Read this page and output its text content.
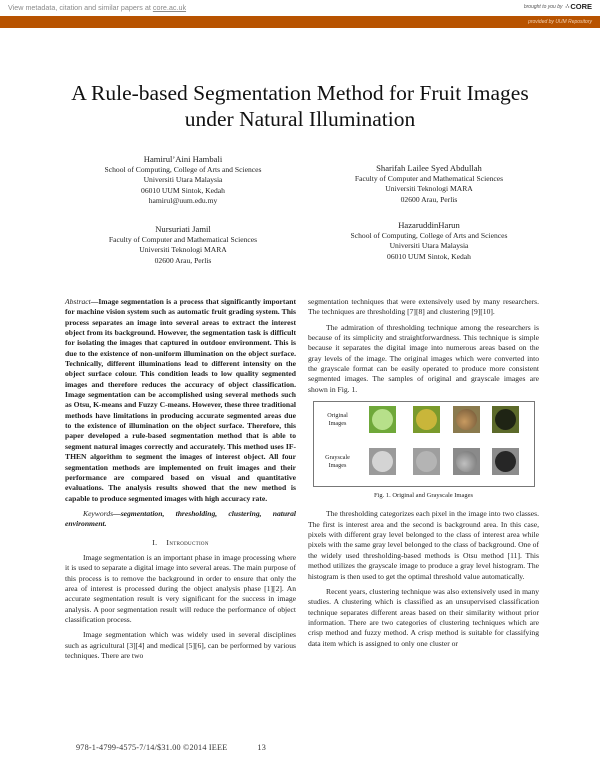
View metadata, citation and similar papers at core.ac.uk	brought to you by ∴ CORE
provided by UUM Repository
A Rule-based Segmentation Method for Fruit Images
under Natural Illumination
Hamirul’Aini Hambali
School of Computing, College of Arts and Sciences
Universiti Utara Malaysia
06010 UUM Sintok, Kedah
hamirul@uum.edu.my
Sharifah Lailee Syed Abdullah
Faculty of Computer and Mathematical Sciences
Universiti Teknologi MARA
02600 Arau, Perlis
Nursuriati Jamil
Faculty of Computer and Mathematical Sciences
Universiti Teknologi MARA
02600 Arau, Perlis
HazaruddinHarun
School of Computing, College of Arts and Sciences
Universiti Utara Malaysia
06010 UUM Sintok, Kedah

Abstract—Image segmentation is a process that significantly important for machine vision system such as automatic fruit grading system. This process separates an image into several areas to extract the interest object from its background. However, the segmentation task is difficult for isolating the images that captured in outdoor environment. This is due to the existence of non-uniform illumination on the object surface. Technically, different illuminations lead to different intensity on the object surface colour. This condition leads to low quality segmented images and therefore reduces the accuracy of object classification. Image segmentation can be accomplished using several methods such as Otsu, K-means and Fuzzy C-means. However, these three traditional methods have limitations in producing accurate segmented areas due to the existence of illumination on the object surface. Therefore, this paper developed a rule-based segmentation method that is able to segment natural images correctly and accurately. This method uses IF-THEN algorithm to segment the images of interest object. All four segmentation methods are implemented on fruit images and their performance are compared based on visual and quantitative evaluations. The analysis results showed that the new method is capable to produce segmented images with high accuracy rate.

Keywords—segmentation, thresholding, clustering, natural environment.

I. Introduction

Image segmentation is an important phase in image processing where it is used to separate a digital image into several areas. The main purpose of this process is to remove the background in order to ensure that only the area of interest is processed during the object analysis phase [1][2]. An accurate segmentation result is very significant for the success in image analysis. A poor segmentation result will reduce the performance of object classification process.

Image segmentation which was widely used in several disciplines such as agricultural [3][4] and medical [5][6], can be performed by various techniques. There are two

segmentation techniques that were extensively used by many researchers. The techniques are thresholding [7][8] and clustering [9][10].

The admiration of thresholding technique among the researchers is because of its simplicity and straightforwardness. This technique is simple because it separates the digital image into numerous areas based on the gray levels of the image. The original images which were converted into the grayscale format can be easily operated to produce more consistent segmented images. The samples of original and grayscale images are shown in Fig. 1.

Original Images
Grayscale Images
Fig. 1. Original and Grayscale Images

The thresholding categorizes each pixel in the image into two classes. The first is interest area and the second is background area. In this case, pixels with different gray level belonged to the class of interest area while pixels with the same gray level belonged to the class of background. One of the widely used thresholding-based methods is Otsu method [11]. This method utilizes the grayscale image to produce a gray level histogram. The histogram is then used to get the optimal threshold value automatically.

Recent years, clustering technique was also extensively used in many studies. A clustering which is classified as an unsupervised classification technique separates different areas based on their similarity without prior information. There are two categories of clustering techniques which are crisp method and fuzzy method. A crisp method is suitable for classifying data item which is assigned to only one cluster or

978-1-4799-4575-7/14/$31.00 ©2014 IEEE	13
